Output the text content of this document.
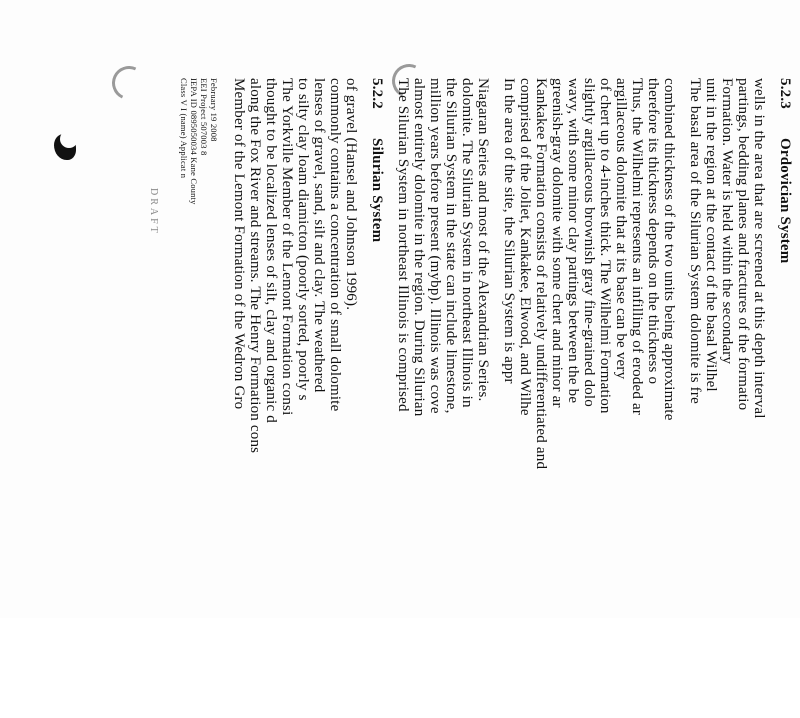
Class V I (name) Applicat n IEPA ID 0895050034 Kane County EEI Project 507003 8 February 19 2008
DRAFT	Member of the Lemont Formation of the Wedron Gro along the Fox River and streams. The Henry Formation cons thought to be localized lenses of silt, clay and organic d The Yorkville Member of the Lemont Formation consi to silty clay loam diamicton (poorly sorted, poorly s lenses of gravel, sand, silt and clay. The weathered commonly contains a concentration of small dolomite of gravel (Hansel and Johnson 1996). 5.2.2
Silurian System The Silurian System in northeast Illinois is comprised almost entirely dolomite in the region. During Silurian million years before present (mybp). Illinois was cove the Silurian System in the state can include limestone, dolomite. The Silurian System in northeast Illinois in Niagaran Series and most of the Alexandrian Series. In the area of the site, the Silurian System is appr comprised of the Joliet, Kankakee, Elwood, and Wilhe Kankakee Formation consists of relatively undifferentiated and greenish-gray dolomite with some chert and minor ar wavy, with some minor clay partings between the be slightly argillaceous brownish gray fine-grained dolo of chert up to 4-inches thick. The Wilhelmi Formation argillaceous dolomite that at its base can be very Thus, the Wilhelmi represents an infilling of eroded ar therefore its thickness depends on the thickness o combined thickness of the two units being approximate The basal area of the Silurian System dolomite is fre unit in the region at the contact of the basal Wilhel Formation. Water is held within the secondary partings, bedding planes and fractures of the formatio wells in the area that are screened at this depth interval 5.2.3
Ordovician System
